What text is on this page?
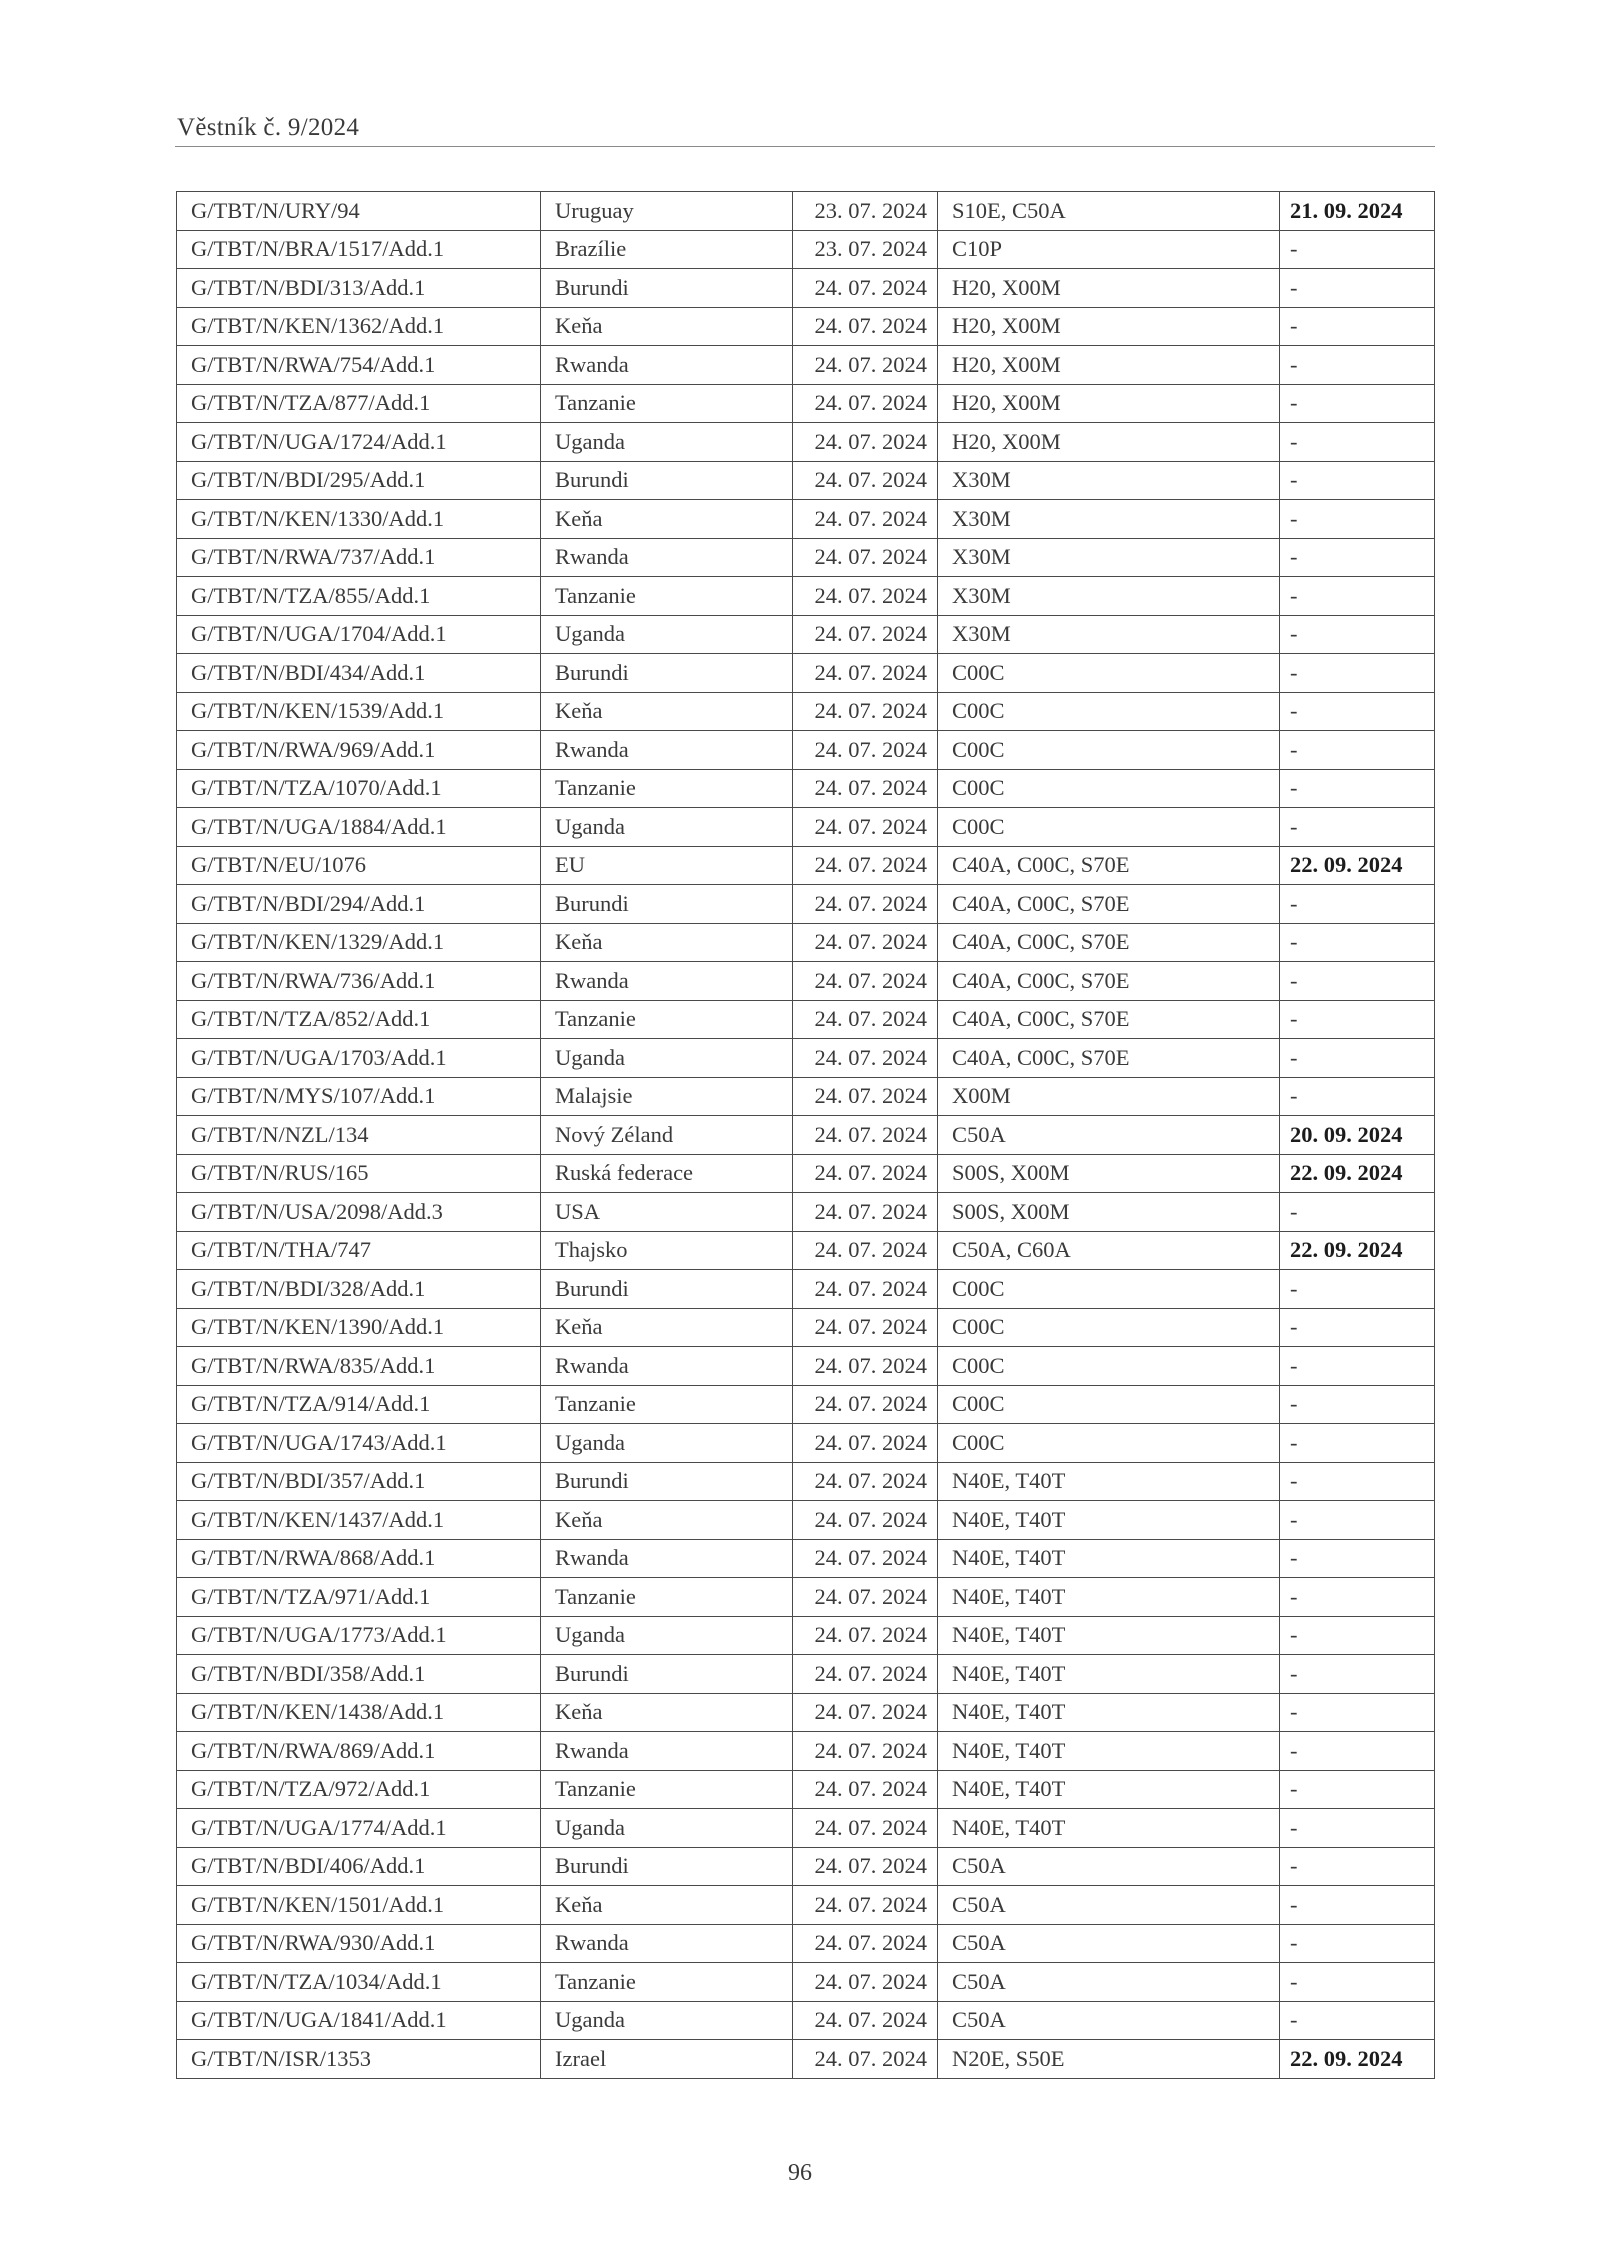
Věstník č. 9/2024
G/TBT/N/URY/94	Uruguay	23. 07. 2024	S10E, C50A	21. 09. 2024
G/TBT/N/BRA/1517/Add.1	Brazílie	23. 07. 2024	C10P	-
G/TBT/N/BDI/313/Add.1	Burundi	24. 07. 2024	H20, X00M	-
G/TBT/N/KEN/1362/Add.1	Keňa	24. 07. 2024	H20, X00M	-
G/TBT/N/RWA/754/Add.1	Rwanda	24. 07. 2024	H20, X00M	-
G/TBT/N/TZA/877/Add.1	Tanzanie	24. 07. 2024	H20, X00M	-
G/TBT/N/UGA/1724/Add.1	Uganda	24. 07. 2024	H20, X00M	-
G/TBT/N/BDI/295/Add.1	Burundi	24. 07. 2024	X30M	-
G/TBT/N/KEN/1330/Add.1	Keňa	24. 07. 2024	X30M	-
G/TBT/N/RWA/737/Add.1	Rwanda	24. 07. 2024	X30M	-
G/TBT/N/TZA/855/Add.1	Tanzanie	24. 07. 2024	X30M	-
G/TBT/N/UGA/1704/Add.1	Uganda	24. 07. 2024	X30M	-
G/TBT/N/BDI/434/Add.1	Burundi	24. 07. 2024	C00C	-
G/TBT/N/KEN/1539/Add.1	Keňa	24. 07. 2024	C00C	-
G/TBT/N/RWA/969/Add.1	Rwanda	24. 07. 2024	C00C	-
G/TBT/N/TZA/1070/Add.1	Tanzanie	24. 07. 2024	C00C	-
G/TBT/N/UGA/1884/Add.1	Uganda	24. 07. 2024	C00C	-
G/TBT/N/EU/1076	EU	24. 07. 2024	C40A, C00C, S70E	22. 09. 2024
G/TBT/N/BDI/294/Add.1	Burundi	24. 07. 2024	C40A, C00C, S70E	-
G/TBT/N/KEN/1329/Add.1	Keňa	24. 07. 2024	C40A, C00C, S70E	-
G/TBT/N/RWA/736/Add.1	Rwanda	24. 07. 2024	C40A, C00C, S70E	-
G/TBT/N/TZA/852/Add.1	Tanzanie	24. 07. 2024	C40A, C00C, S70E	-
G/TBT/N/UGA/1703/Add.1	Uganda	24. 07. 2024	C40A, C00C, S70E	-
G/TBT/N/MYS/107/Add.1	Malajsie	24. 07. 2024	X00M	-
G/TBT/N/NZL/134	Nový Zéland	24. 07. 2024	C50A	20. 09. 2024
G/TBT/N/RUS/165	Ruská federace	24. 07. 2024	S00S, X00M	22. 09. 2024
G/TBT/N/USA/2098/Add.3	USA	24. 07. 2024	S00S, X00M	-
G/TBT/N/THA/747	Thajsko	24. 07. 2024	C50A, C60A	22. 09. 2024
G/TBT/N/BDI/328/Add.1	Burundi	24. 07. 2024	C00C	-
G/TBT/N/KEN/1390/Add.1	Keňa	24. 07. 2024	C00C	-
G/TBT/N/RWA/835/Add.1	Rwanda	24. 07. 2024	C00C	-
G/TBT/N/TZA/914/Add.1	Tanzanie	24. 07. 2024	C00C	-
G/TBT/N/UGA/1743/Add.1	Uganda	24. 07. 2024	C00C	-
G/TBT/N/BDI/357/Add.1	Burundi	24. 07. 2024	N40E, T40T	-
G/TBT/N/KEN/1437/Add.1	Keňa	24. 07. 2024	N40E, T40T	-
G/TBT/N/RWA/868/Add.1	Rwanda	24. 07. 2024	N40E, T40T	-
G/TBT/N/TZA/971/Add.1	Tanzanie	24. 07. 2024	N40E, T40T	-
G/TBT/N/UGA/1773/Add.1	Uganda	24. 07. 2024	N40E, T40T	-
G/TBT/N/BDI/358/Add.1	Burundi	24. 07. 2024	N40E, T40T	-
G/TBT/N/KEN/1438/Add.1	Keňa	24. 07. 2024	N40E, T40T	-
G/TBT/N/RWA/869/Add.1	Rwanda	24. 07. 2024	N40E, T40T	-
G/TBT/N/TZA/972/Add.1	Tanzanie	24. 07. 2024	N40E, T40T	-
G/TBT/N/UGA/1774/Add.1	Uganda	24. 07. 2024	N40E, T40T	-
G/TBT/N/BDI/406/Add.1	Burundi	24. 07. 2024	C50A	-
G/TBT/N/KEN/1501/Add.1	Keňa	24. 07. 2024	C50A	-
G/TBT/N/RWA/930/Add.1	Rwanda	24. 07. 2024	C50A	-
G/TBT/N/TZA/1034/Add.1	Tanzanie	24. 07. 2024	C50A	-
G/TBT/N/UGA/1841/Add.1	Uganda	24. 07. 2024	C50A	-
G/TBT/N/ISR/1353	Izrael	24. 07. 2024	N20E, S50E	22. 09. 2024
96
